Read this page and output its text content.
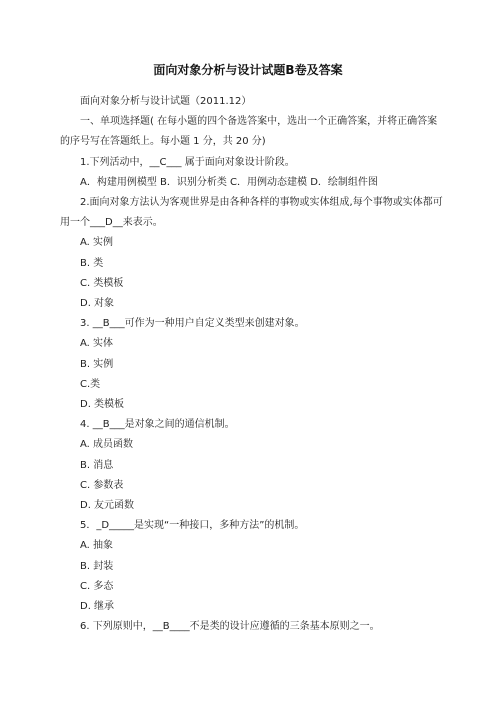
面向对象分析与设计试题B卷及答案

面向对象分析与设计试题（2011.12）

一、单项选择题( 在每小题的四个备选答案中，选出一个正确答案，并将正确答案的序号写在答题纸上。每小题 1 分，共 20 分)

1.下列活动中，__C___ 属于面向对象设计阶段。

A．构建用例模型 B．识别分析类 C．用例动态建模 D．绘制组件图

2.面向对象方法认为客观世界是由各种各样的事物或实体组成,每个事物或实体都可用一个___D__来表示。

A. 实例

B. 类

C. 类模板

D. 对象

3. __B___可作为一种用户自定义类型来创建对象。

A. 实体

B. 实例

C.类

D. 类模板

4. __B___是对象之间的通信机制。

A. 成员函数

B. 消息

C. 参数表

D. 友元函数

5．_D_____是实现“一种接口，多种方法”的机制。

A. 抽象

B. 封装

C. 多态

D. 继承

6. 下列原则中，__B____不是类的设计应遵循的三条基本原则之一。
